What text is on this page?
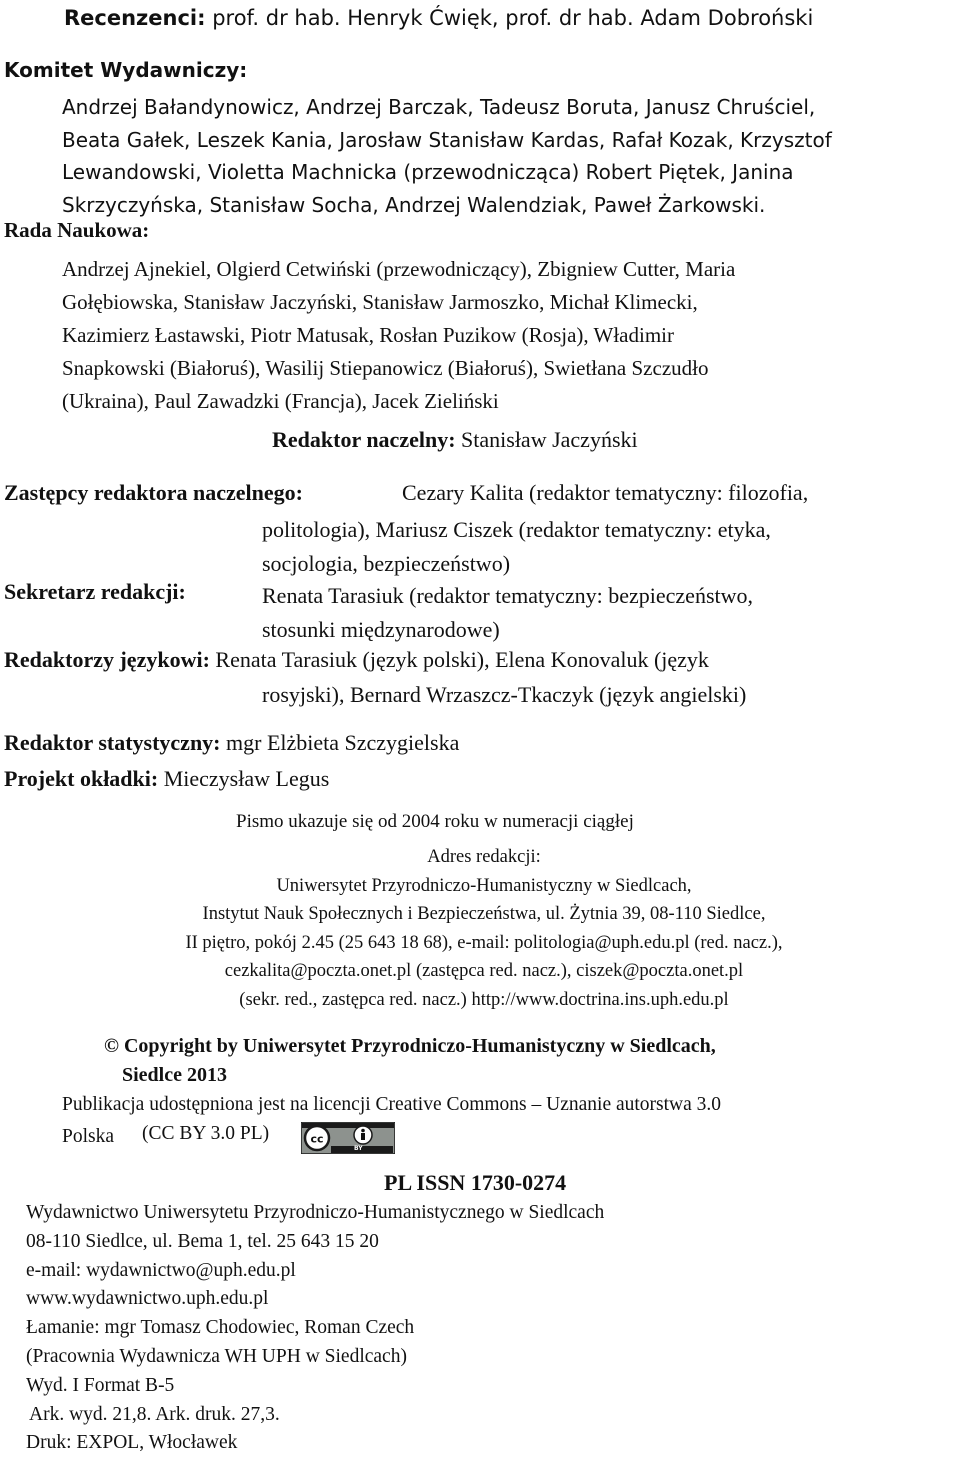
Recenzenci: prof. dr hab. Henryk Ćwięk, prof. dr hab. Adam Dobroński
Komitet Wydawniczy:
Andrzej Bałandynowicz, Andrzej Barczak, Tadeusz Boruta, Janusz Chruściel,
Beata Gałek, Leszek Kania, Jarosław Stanisław Kardas, Rafał Kozak, Krzysztof
Lewandowski, Violetta Machnicka (przewodnicząca) Robert Piętek, Janina
Skrzyczyńska, Stanisław Socha, Andrzej Walendziak, Paweł Żarkowski.
Rada Naukowa:
Andrzej Ajnekiel, Olgierd Cetwiński (przewodniczący), Zbigniew Cutter, Maria
Gołębiowska, Stanisław Jaczyński, Stanisław Jarmoszko, Michał Klimecki,
Kazimierz Łastawski, Piotr Matusak, Rosłan Puzikow (Rosja), Władimir
Snapkowski (Białoruś), Wasilij Stiepanowicz (Białoruś), Swietłana Szczudło
(Ukraina), Paul Zawadzki (Francja), Jacek Zieliński
Redaktor naczelny: Stanisław Jaczyński
Zastępcy redaktora naczelnego:	Cezary Kalita (redaktor tematyczny: filozofia,
politologia), Mariusz Ciszek (redaktor tematyczny: etyka,
socjologia, bezpieczeństwo)
Sekretarz redakcji:	Renata Tarasiuk (redaktor tematyczny: bezpieczeństwo,
stosunki międzynarodowe)
Redaktorzy językowi: Renata Tarasiuk (język polski), Elena Konovaluk (język
rosyjski), Bernard Wrzaszcz-Tkaczyk (język angielski)
Redaktor statystyczny: mgr Elżbieta Szczygielska
Projekt okładki: Mieczysław Legus
Pismo ukazuje się od 2004 roku w numeracji ciągłej
Adres redakcji:
Uniwersytet Przyrodniczo-Humanistyczny w Siedlcach,
Instytut Nauk Społecznych i Bezpieczeństwa, ul. Żytnia 39, 08-110 Siedlce,
II piętro, pokój 2.45 (25 643 18 68), e-mail: politologia@uph.edu.pl (red. nacz.),
cezkalita@poczta.onet.pl (zastępca red. nacz.), ciszek@poczta.onet.pl
(sekr. red., zastępca red. nacz.) http://www.doctrina.ins.uph.edu.pl
© Copyright by Uniwersytet Przyrodniczo-Humanistyczny w Siedlcach,
Siedlce 2013
Publikacja udostępniona jest na licencji Creative Commons – Uznanie autorstwa 3.0
Polska (CC BY 3.0 PL)	cc
BY
PL ISSN 1730-0274
Wydawnictwo Uniwersytetu Przyrodniczo-Humanistycznego w Siedlcach
08-110 Siedlce, ul. Bema 1, tel. 25 643 15 20
e-mail: wydawnictwo@uph.edu.pl
www.wydawnictwo.uph.edu.pl
Łamanie: mgr Tomasz Chodowiec, Roman Czech
(Pracownia Wydawnicza WH UPH w Siedlcach)
Wyd. I Format B-5
Ark. wyd. 21,8. Ark. druk. 27,3.
Druk: EXPOL, Włocławek
